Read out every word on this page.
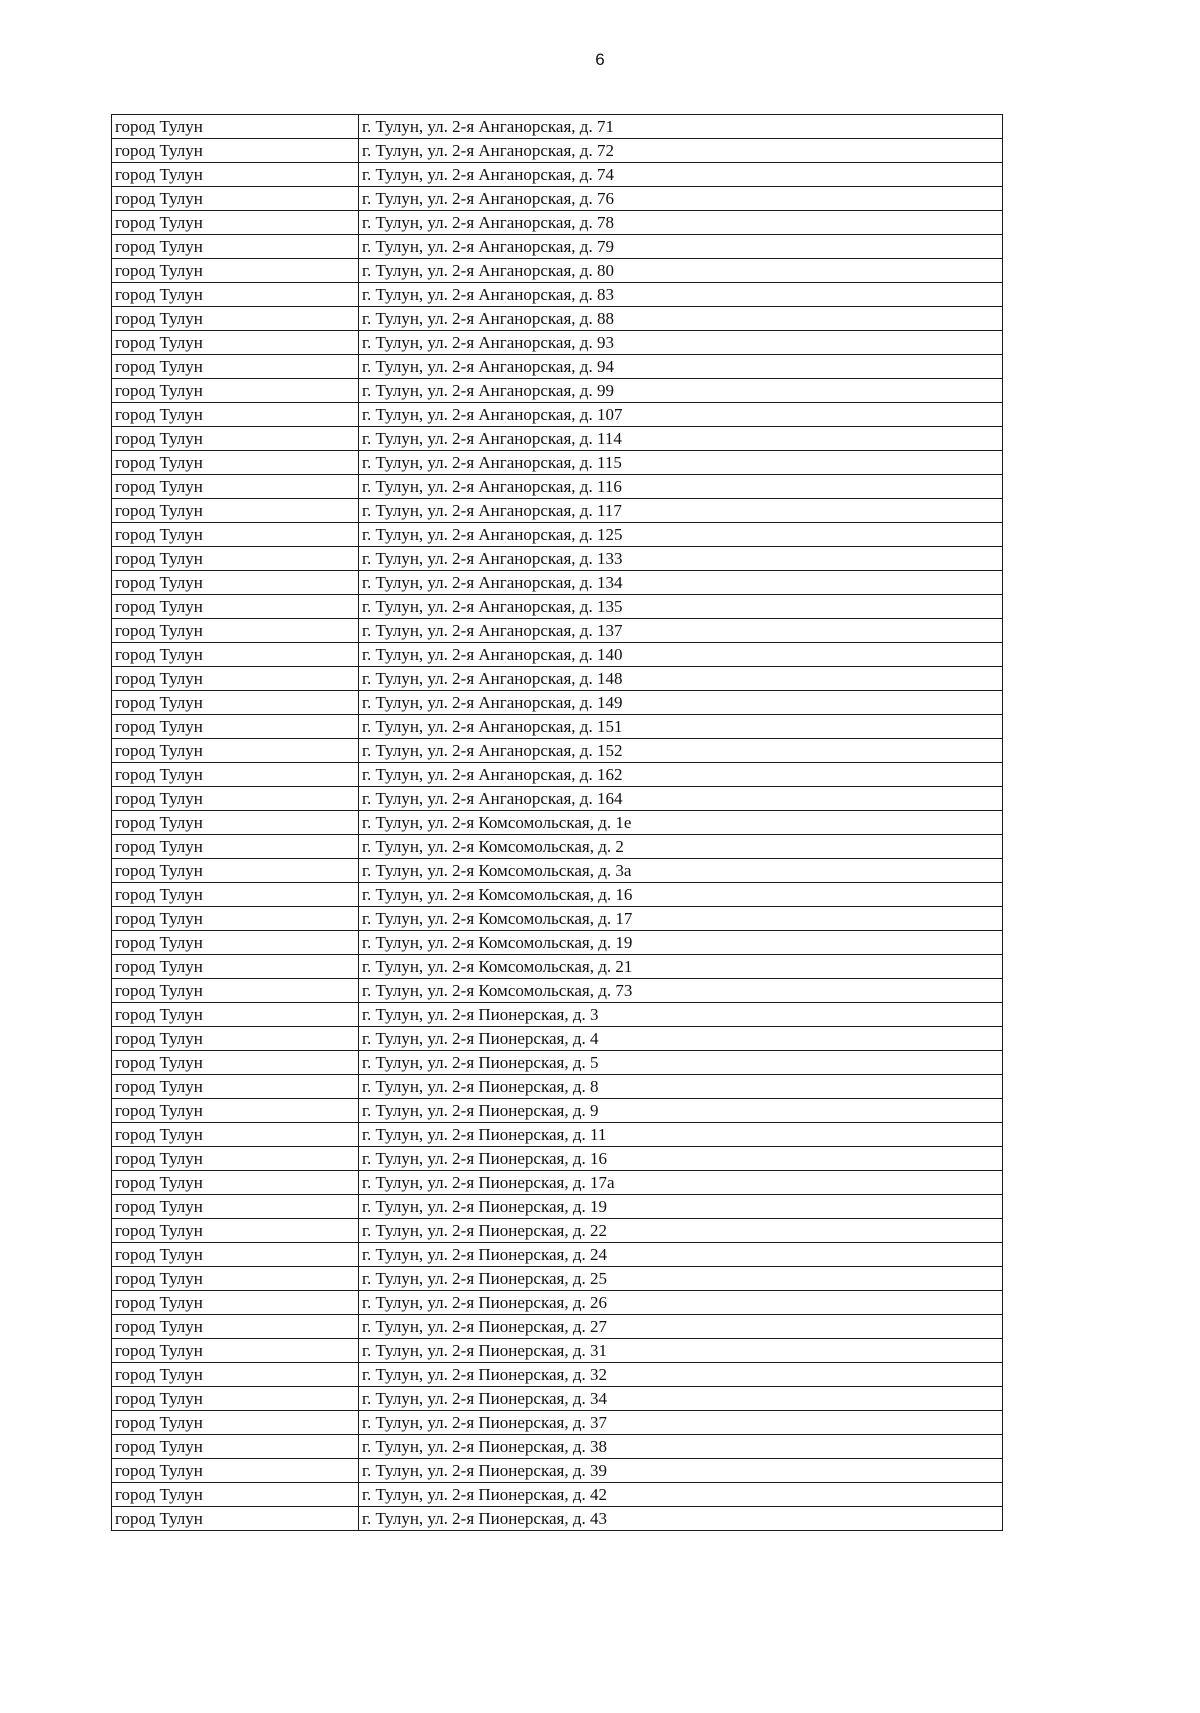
6
город Тулун	г. Тулун, ул. 2-я Анганорская, д. 71
город Тулун	г. Тулун, ул. 2-я Анганорская, д. 72
город Тулун	г. Тулун, ул. 2-я Анганорская, д. 74
город Тулун	г. Тулун, ул. 2-я Анганорская, д. 76
город Тулун	г. Тулун, ул. 2-я Анганорская, д. 78
город Тулун	г. Тулун, ул. 2-я Анганорская, д. 79
город Тулун	г. Тулун, ул. 2-я Анганорская, д. 80
город Тулун	г. Тулун, ул. 2-я Анганорская, д. 83
город Тулун	г. Тулун, ул. 2-я Анганорская, д. 88
город Тулун	г. Тулун, ул. 2-я Анганорская, д. 93
город Тулун	г. Тулун, ул. 2-я Анганорская, д. 94
город Тулун	г. Тулун, ул. 2-я Анганорская, д. 99
город Тулун	г. Тулун, ул. 2-я Анганорская, д. 107
город Тулун	г. Тулун, ул. 2-я Анганорская, д. 114
город Тулун	г. Тулун, ул. 2-я Анганорская, д. 115
город Тулун	г. Тулун, ул. 2-я Анганорская, д. 116
город Тулун	г. Тулун, ул. 2-я Анганорская, д. 117
город Тулун	г. Тулун, ул. 2-я Анганорская, д. 125
город Тулун	г. Тулун, ул. 2-я Анганорская, д. 133
город Тулун	г. Тулун, ул. 2-я Анганорская, д. 134
город Тулун	г. Тулун, ул. 2-я Анганорская, д. 135
город Тулун	г. Тулун, ул. 2-я Анганорская, д. 137
город Тулун	г. Тулун, ул. 2-я Анганорская, д. 140
город Тулун	г. Тулун, ул. 2-я Анганорская, д. 148
город Тулун	г. Тулун, ул. 2-я Анганорская, д. 149
город Тулун	г. Тулун, ул. 2-я Анганорская, д. 151
город Тулун	г. Тулун, ул. 2-я Анганорская, д. 152
город Тулун	г. Тулун, ул. 2-я Анганорская, д. 162
город Тулун	г. Тулун, ул. 2-я Анганорская, д. 164
город Тулун	г. Тулун, ул. 2-я Комсомольская, д. 1е
город Тулун	г. Тулун, ул. 2-я Комсомольская, д. 2
город Тулун	г. Тулун, ул. 2-я Комсомольская, д. 3а
город Тулун	г. Тулун, ул. 2-я Комсомольская, д. 16
город Тулун	г. Тулун, ул. 2-я Комсомольская, д. 17
город Тулун	г. Тулун, ул. 2-я Комсомольская, д. 19
город Тулун	г. Тулун, ул. 2-я Комсомольская, д. 21
город Тулун	г. Тулун, ул. 2-я Комсомольская, д. 73
город Тулун	г. Тулун, ул. 2-я Пионерская, д. 3
город Тулун	г. Тулун, ул. 2-я Пионерская, д. 4
город Тулун	г. Тулун, ул. 2-я Пионерская, д. 5
город Тулун	г. Тулун, ул. 2-я Пионерская, д. 8
город Тулун	г. Тулун, ул. 2-я Пионерская, д. 9
город Тулун	г. Тулун, ул. 2-я Пионерская, д. 11
город Тулун	г. Тулун, ул. 2-я Пионерская, д. 16
город Тулун	г. Тулун, ул. 2-я Пионерская, д. 17а
город Тулун	г. Тулун, ул. 2-я Пионерская, д. 19
город Тулун	г. Тулун, ул. 2-я Пионерская, д. 22
город Тулун	г. Тулун, ул. 2-я Пионерская, д. 24
город Тулун	г. Тулун, ул. 2-я Пионерская, д. 25
город Тулун	г. Тулун, ул. 2-я Пионерская, д. 26
город Тулун	г. Тулун, ул. 2-я Пионерская, д. 27
город Тулун	г. Тулун, ул. 2-я Пионерская, д. 31
город Тулун	г. Тулун, ул. 2-я Пионерская, д. 32
город Тулун	г. Тулун, ул. 2-я Пионерская, д. 34
город Тулун	г. Тулун, ул. 2-я Пионерская, д. 37
город Тулун	г. Тулун, ул. 2-я Пионерская, д. 38
город Тулун	г. Тулун, ул. 2-я Пионерская, д. 39
город Тулун	г. Тулун, ул. 2-я Пионерская, д. 42
город Тулун	г. Тулун, ул. 2-я Пионерская, д. 43
